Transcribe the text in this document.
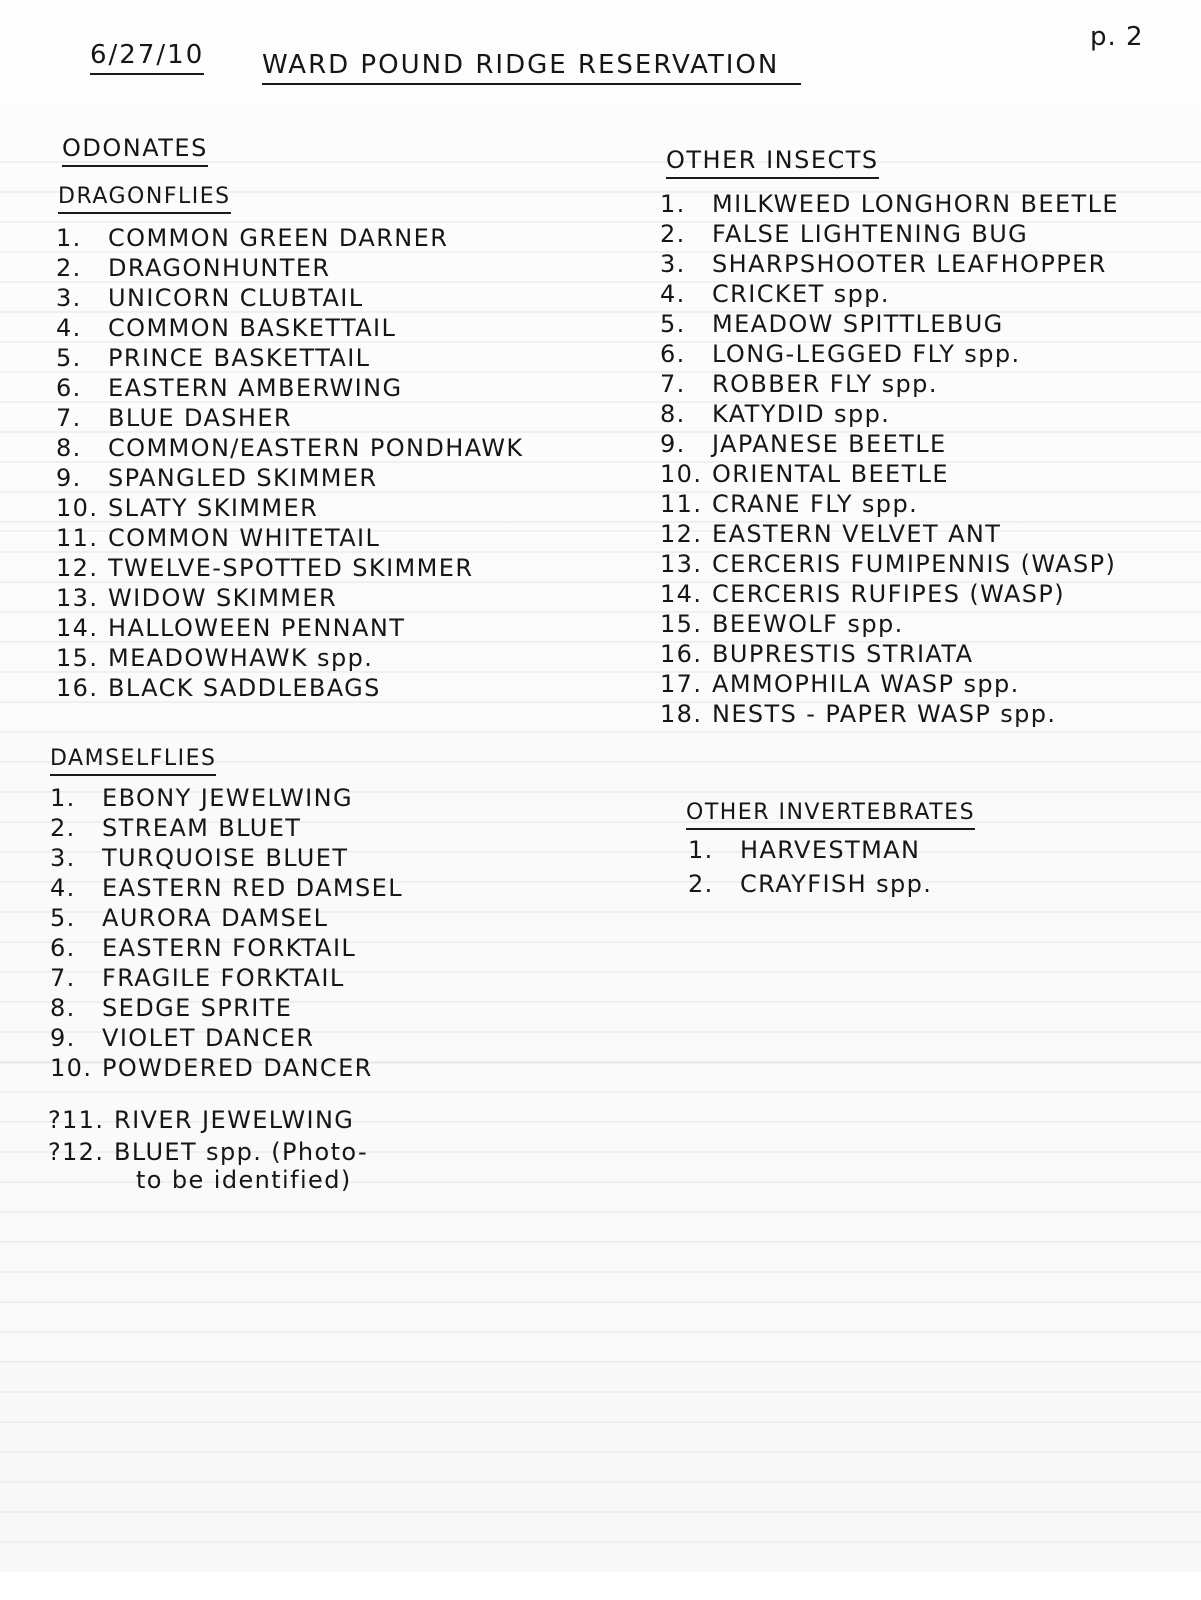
6/27/10 WARD POUND RIDGE RESERVATION
p. 2
ODONATES
DRAGONFLIES
1.	COMMON GREEN DARNER
2.	DRAGONHUNTER
3.	UNICORN CLUBTAIL
4.	COMMON BASKETTAIL
5.	PRINCE BASKETTAIL
6.	EASTERN AMBERWING
7.	BLUE DASHER
8.	COMMON/EASTERN PONDHAWK
9.	SPANGLED SKIMMER
10. SLATY SKIMMER
11. COMMON WHITETAIL
12. TWELVE-SPOTTED SKIMMER
13. WIDOW SKIMMER
14. HALLOWEEN PENNANT
15. MEADOWHAWK spp.
16. BLACK SADDLEBAGS
DAMSELFLIES
1.	EBONY JEWELWING
2.	STREAM BLUET
3.	TURQUOISE BLUET
4.	EASTERN RED DAMSEL
5.	AURORA DAMSEL
6.	EASTERN FORKTAIL
7.	FRAGILE FORKTAIL
8.	SEDGE SPRITE
9.	VIOLET DANCER
10. POWDERED DANCER
? 11. RIVER JEWELWING
? 12. BLUET spp. (Photo-
to be identified)
OTHER INSECTS
1.	MILKWEED LONGHORN BEETLE
2.	FALSE LIGHTENING BUG
3.	SHARPSHOOTER LEAFHOPPER
4.	CRICKET spp.
5.	MEADOW SPITTLEBUG
6.	LONG-LEGGED FLY spp.
7.	ROBBER FLY spp.
8.	KATYDID spp.
9.	JAPANESE BEETLE
10. ORIENTAL BEETLE
11. CRANE FLY spp.
12. EASTERN VELVET ANT
13. CERCERIS FUMIPENNIS (WASP)
14. CERCERIS RUFIPES (WASP)
15. BEEWOLF spp.
16. BUPRESTIS STRIATA
17. AMMOPHILA WASP spp.
18. NESTS - PAPER WASP spp.
OTHER INVERTEBRATES
1.	HARVESTMAN
2.	CRAYFISH spp.
